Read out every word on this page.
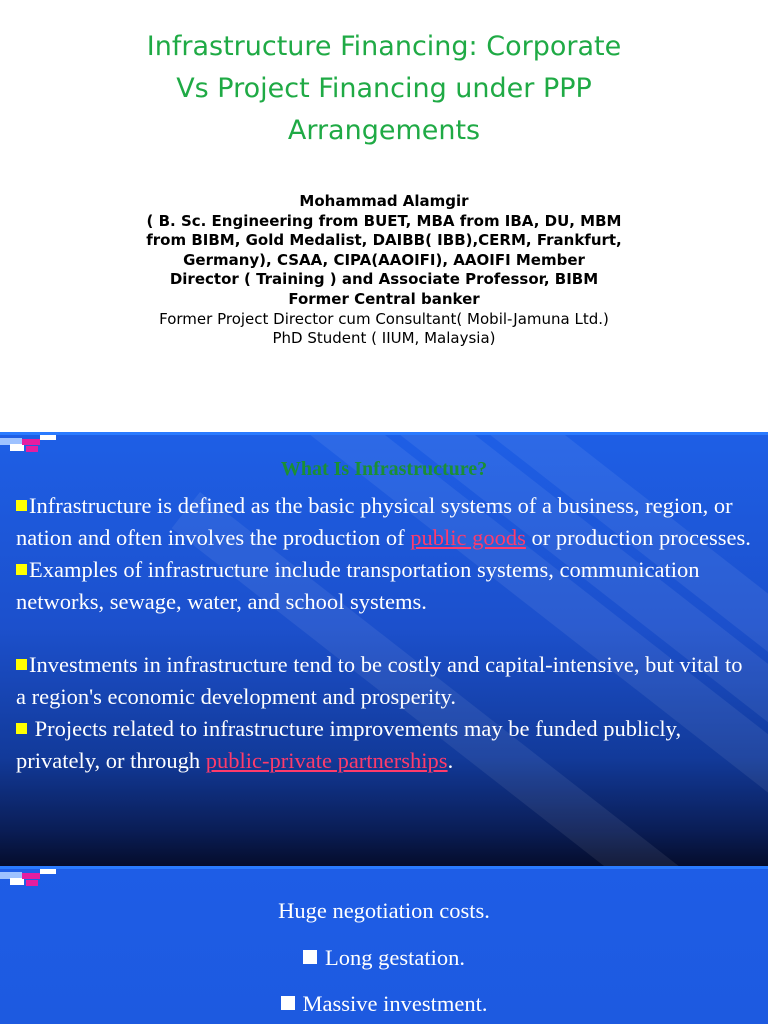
Infrastructure Financing: Corporate
Vs Project Financing under PPP
Arrangements
Mohammad Alamgir
( B. Sc. Engineering from BUET, MBA from IBA, DU, MBM
from BIBM, Gold Medalist, DAIBB( IBB),CERM, Frankfurt,
Germany), CSAA, CIPA(AAOIFI), AAOIFI Member
Director ( Training ) and Associate Professor, BIBM
Former Central banker
Former Project Director cum Consultant( Mobil-Jamuna Ltd.)
PhD Student ( IIUM, Malaysia)
What Is Infrastructure?

Infrastructure is defined as the basic physical systems of a business, region, or nation and often involves the production of public goods or production processes.

Examples of infrastructure include transportation systems, communication networks, sewage, water, and school systems.

Investments in infrastructure tend to be costly and capital-intensive, but vital to a region's economic development and prosperity.

Projects related to infrastructure improvements may be funded publicly, privately, or through public-private partnerships.

Huge negotiation costs.
Long gestation.
Massive investment.
